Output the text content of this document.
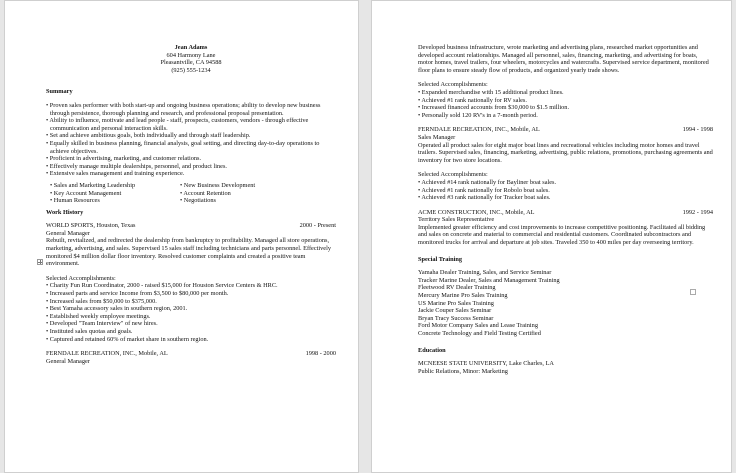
Jean Adams
604 Harmony Lane
Pleasantville, CA 94588
(925) 555-1234
Summary
• Proven sales performer with both start-up and ongoing business operations; ability to develop new business through persistence, thorough planning and research, and professional proposal presentation.
• Ability to influence, motivate and lead people - staff, prospects, customers, vendors - through effective communication and personal interaction skills.
• Set and achieve ambitious goals, both individually and through staff leadership.
• Equally skilled in business planning, financial analysis, goal setting, and directing day-to-day operations to achieve objectives.
• Proficient in advertising, marketing, and customer relations.
• Effectively manage multiple dealerships, personnel, and product lines.
• Extensive sales management and training experience.
• Sales and Marketing Leadership	• New Business Development
• Key Account Management	• Account Retention
• Human Resources	• Negotiations
Work History
WORLD SPORTS, Houston, Texas	2000 - Present
General Manager

Rebuilt, revitalized, and redirected the dealership from bankruptcy to profitability. Managed all store operations, marketing, advertising, and sales. Supervised 15 sales staff including technicians and parts personnel. Effectively monitored $4 million dollar floor inventory. Resolved customer complaints and created a positive team environment.

Selected Accomplishments:
• Charity Fun Run Coordinator, 2000 - raised $15,000 for Houston Service Centers & HRC.
• Increased parts and service Income from $3,500 to $80,000 per month.
• Increased sales from $50,000 to $375,000.
• Best Yamaha accessory sales in southern region, 2001.
• Established weekly employee meetings.
• Developed "Team Interview" of new hires.
• Instituted sales quotas and goals.
• Captured and retained 60% of market share in southern region.
FERNDALE RECREATION, INC., Mobile, AL	1998 - 2000
General Manager

Developed business infrastructure, wrote marketing and advertising plans, researched market opportunities and developed account relationships. Managed all personnel, sales, financing, marketing, and advertising for boats, motor homes, travel trailers, four wheelers, motorcycles and watercrafts. Supervised service department, monitored floor plans to ensure steady flow of products, and organized yearly trade shows.

Selected Accomplishments:
• Expanded merchandise with 15 additional product lines.
• Achieved #1 rank nationally for RV sales.
• Increased financed accounts from $30,000 to $1.5 million.
• Personally sold 120 RV's in a 7-month period.
FERNDALE RECREATION, INC., Mobile, AL	1994 - 1998
Sales Manager

Operated all product sales for eight major boat lines and recreational vehicles including motor homes and travel trailers. Supervised sales, financing, marketing, advertising, public relations, promotions, purchasing agreements and inventory for two store locations.

Selected Accomplishments:
• Achieved #14 rank nationally for Bayliner boat sales.
• Achieved #1 rank nationally for Robolo boat sales.
• Achieved #3 rank nationally for Tracker boat sales.
ACME CONSTRUCTION, INC., Mobile, AL	1992 - 1994
Territory Sales Representative

Implemented greater efficiency and cost improvements to increase competitive positioning. Facilitated all bidding and sales on concrete and material to commercial and residential customers. Coordinated subcontractors and monitored trucks for arrival and departure at job sites. Traveled 350 to 400 miles per day overseeing territory.

Special Training
Yamaha Dealer Training, Sales, and Service Seminar
Tracker Marine Dealer, Sales and Management Training
Fleetwood RV Dealer Training
Mercury Marine Pro Sales Training
US Marine Pro Sales Training
Jackie Couper Sales Seminar
Bryan Tracy Success Seminar
Ford Motor Company Sales and Lease Training
Concrete Technology and Field Testing Certified
Education
MCNEESE STATE UNIVERSITY, Lake Charles, LA
Public Relations, Minor: Marketing
